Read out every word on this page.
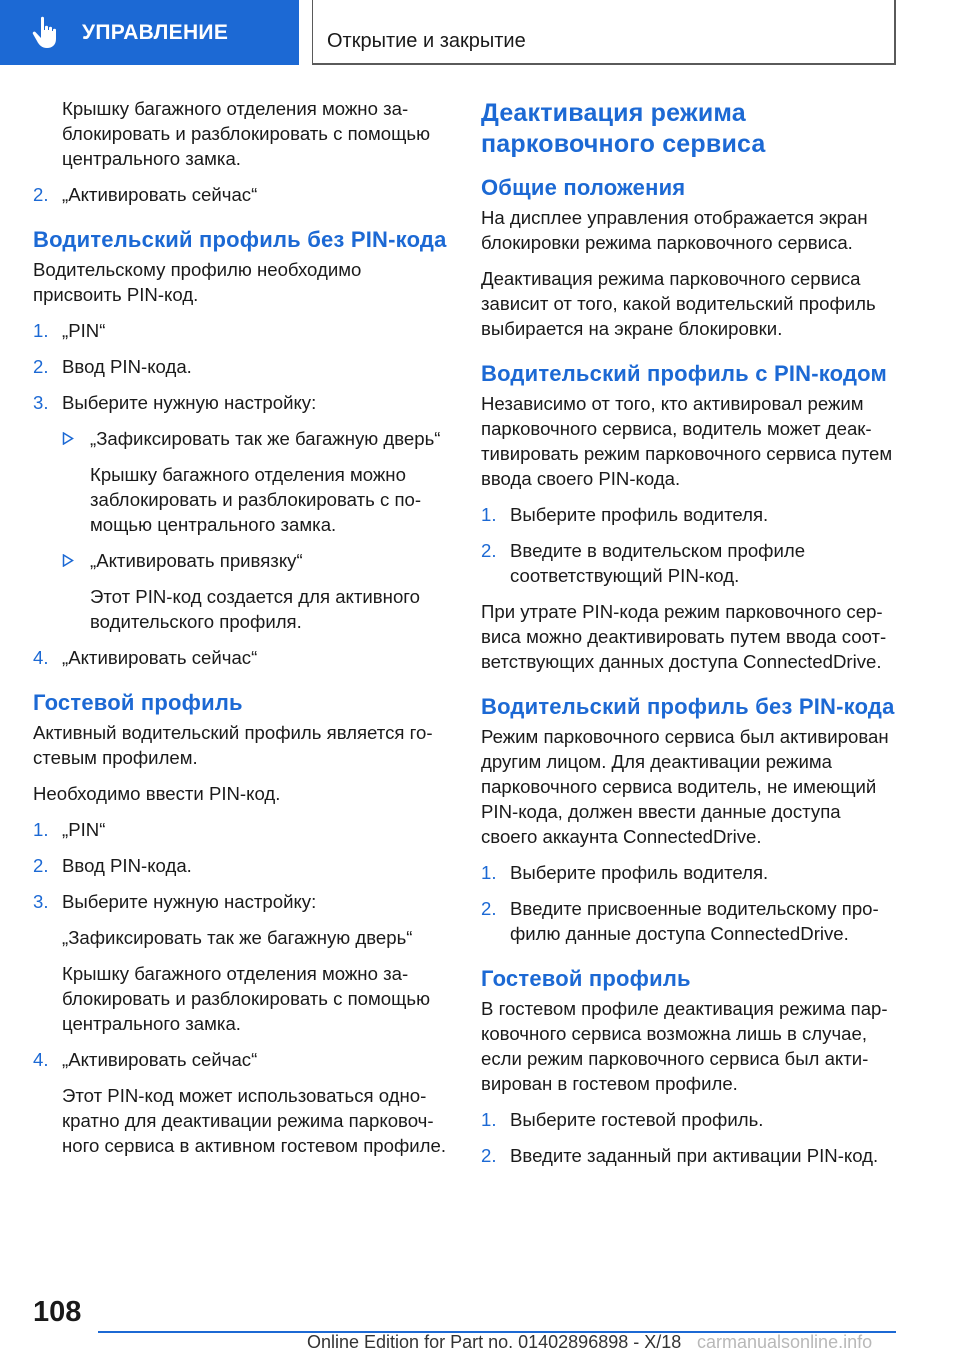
УПРАВЛЕНИЕ	Открытие и закрытие

Крышку багажного отделения можно заблокировать и разблокировать с помощью центрального замка.

2. „Активировать сейчас“
Водительский профиль без PIN-кода

Водительскому профилю необходимо присвоить PIN-код.

1. „PIN“
2. Ввод PIN-кода.
3. Выберите нужную настройку:
„Зафиксировать так же багажную дверь“

Крышку багажного отделения можно заблокировать и разблокировать с помощью центрального замка.

„Активировать привязку“

Этот PIN-код создается для активного водительского профиля.

4. „Активировать сейчас“
Гостевой профиль

Активный водительский профиль является гостевым профилем.

Необходимо ввести PIN-код.

1. „PIN“
2. Ввод PIN-кода.
3. Выберите нужную настройку:

„Зафиксировать так же багажную дверь“

Крышку багажного отделения можно заблокировать и разблокировать с помощью центрального замка.

4. „Активировать сейчас“

Этот PIN-код может использоваться однократно для деактивации режима парковочного сервиса в активном гостевом профиле.

Деактивация режима парковочного сервиса
Общие положения

На дисплее управления отображается экран блокировки режима парковочного сервиса.

Деактивация режима парковочного сервиса зависит от того, какой водительский профиль выбирается на экране блокировки.

Водительский профиль с PIN-кодом

Независимо от того, кто активировал режим парковочного сервиса, водитель может деактивировать режим парковочного сервиса путем ввода своего PIN-кода.

1. Выберите профиль водителя.
2. Введите в водительском профиле соответствующий PIN-код.

При утрате PIN-кода режим парковочного сервиса можно деактивировать путем ввода соответствующих данных доступа ConnectedDrive.

Водительский профиль без PIN-кода

Режим парковочного сервиса был активирован другим лицом. Для деактивации режима парковочного сервиса водитель, не имеющий PIN-кода, должен ввести данные доступа своего аккаунта ConnectedDrive.

1. Выберите профиль водителя.
2. Введите присвоенные водительскому профилю данные доступа ConnectedDrive.
Гостевой профиль

В гостевом профиле деактивация режима парковочного сервиса возможна лишь в случае, если режим парковочного сервиса был активирован в гостевом профиле.

1. Выберите гостевой профиль.
2. Введите заданный при активации PIN-код.
108
Online Edition for Part no. 01402896898 - X/18 carmanualsonline.info
